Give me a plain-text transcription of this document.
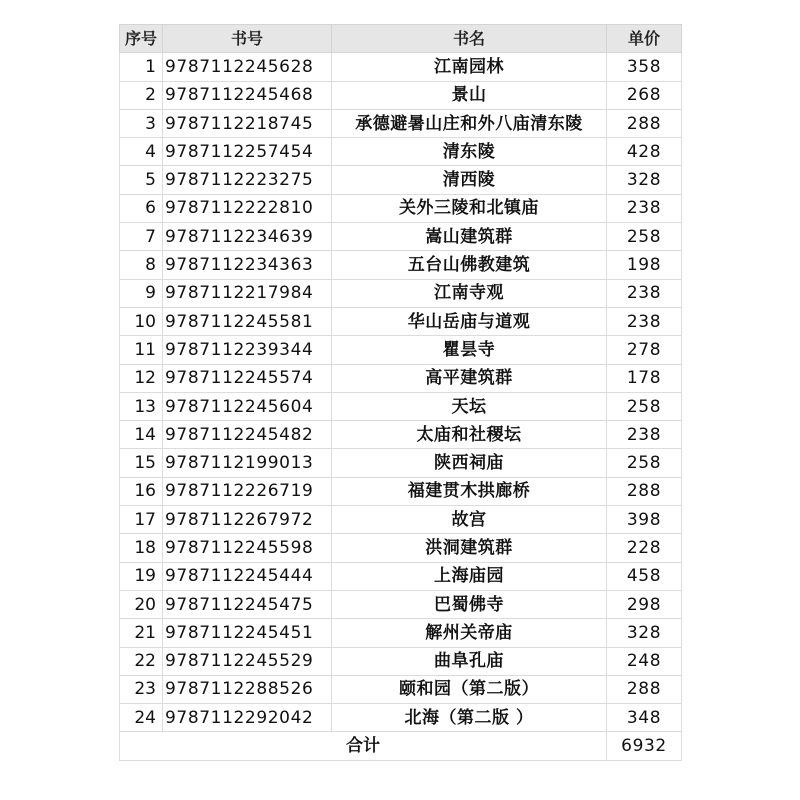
序号	书号	书名	单价
1	9787112245628	江南园林	358
2	9787112245468	景山	268
3	9787112218745	承德避暑山庄和外八庙清东陵	288
4	9787112257454	清东陵	428
5	9787112223275	清西陵	328
6	9787112222810	关外三陵和北镇庙	238
7	9787112234639	嵩山建筑群	258
8	9787112234363	五台山佛教建筑	198
9	9787112217984	江南寺观	238
10	9787112245581	华山岳庙与道观	238
11	9787112239344	瞿昙寺	278
12	9787112245574	高平建筑群	178
13	9787112245604	天坛	258
14	9787112245482	太庙和社稷坛	238
15	9787112199013	陕西祠庙	258
16	9787112226719	福建贯木拱廊桥	288
17	9787112267972	故宫	398
18	9787112245598	洪洞建筑群	228
19	9787112245444	上海庙园	458
20	9787112245475	巴蜀佛寺	298
21	9787112245451	解州关帝庙	328
22	9787112245529	曲阜孔庙	248
23	9787112288526	颐和园（第二版）	288
24	9787112292042	北海（第二版 ）	348
合计			6932
